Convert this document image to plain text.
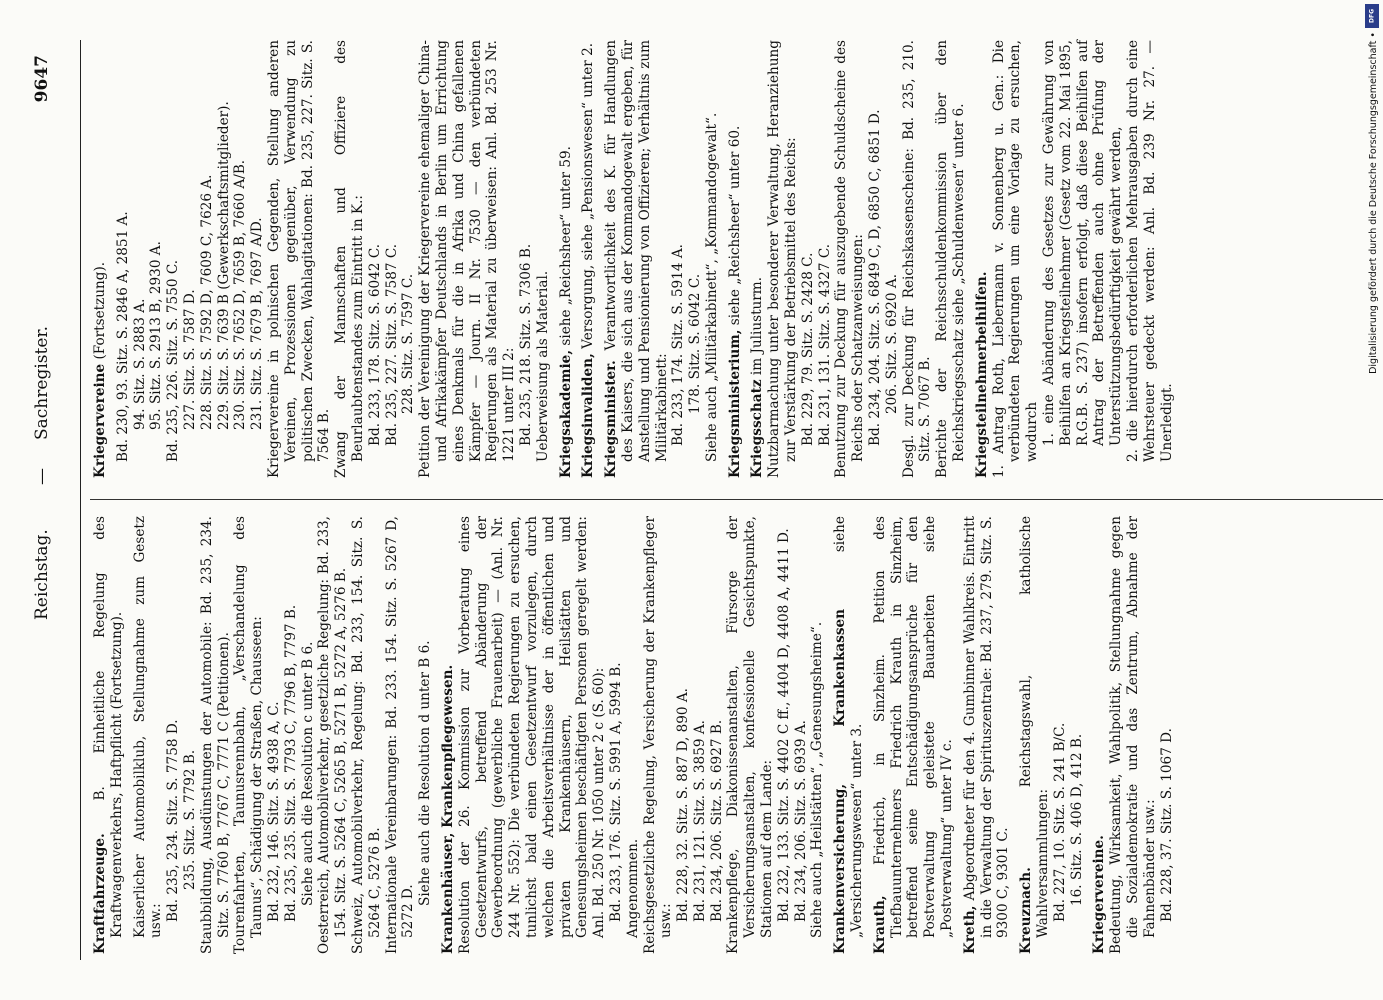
Reichstag.
—
Sachregister.
9647

Kraftfahrzeuge. B. Einheitliche Regelung des Kraftwagenverkehrs, Haftpflicht (Fortsetzung). Kaiserlicher Automobilklub, Stellungnahme zum Gesetz usw.: Bd. 235, 234. Sitz. S. 7758 D. 235. Sitz. S. 7792 B. Staubbildung, Ausdünstungen der Automobile: Bd. 235, 234. Sitz. S. 7760 B, 7767 C, 7771 C (Petitionen). Tourenfahrten, Taunusrennbahn, „Verschandelung des Taunus“, Schädigung der Straßen, Chausseen: Bd. 232, 146. Sitz. S. 4938 A, C. Bd. 235, 235. Sitz. S. 7793 C, 7796 B, 7797 B. Siehe auch die Resolution c unter B 6. Oesterreich, Automobilverkehr, gesetzliche Regelung: Bd. 233, 154. Sitz. S. 5264 C, 5265 B, 5271 B, 5272 A, 5276 B. Schweiz, Automobilverkehr, Regelung: Bd. 233, 154. Sitz. S. 5264 C, 5276 B. Internationale Vereinbarungen: Bd. 233. 154. Sitz. S. 5267 D, 5272 D.

Siehe auch die Resolution d unter B 6. Krankenhäuser, Krankenpflegewesen. Resolution der 26. Kommission zur Vorberatung eines Gesetzentwurfs, betreffend Abänderung der Gewerbeordnung (gewerbliche Frauenarbeit) — (Anl. Nr. 244 Nr. 552): Die verbündeten Regierungen zu ersuchen, tunlichst bald einen Gesetzentwurf vorzulegen, durch welchen die Arbeitsverhältnisse der in öffentlichen und privaten Krankenhäusern, Heilstätten und Genesungsheimen beschäftigten Personen geregelt werden: Anl. Bd. 250 Nr. 1050 unter 2 c (S. 60): Bd. 233, 176. Sitz. S. 5991 A, 5994 B. Angenommen. Reichsgesetzliche Regelung, Versicherung der Krankenpfleger usw.: Bd. 228, 32. Sitz. S. 887 D, 890 A. Bd. 231, 121. Sitz. S. 3859 A. Bd. 234, 206. Sitz. S. 6927 B. Krankenpflege, Diakonissenanstalten, Fürsorge der Versicherungsanstalten, konfessionelle Gesichtspunkte, Stationen auf dem Lande: Bd. 232, 133. Sitz. S. 4402 C ff., 4404 D, 4408 A, 4411 D. Bd. 234, 206. Sitz. S. 6939 A. Siehe auch „Heilstätten“, „Genesungsheime“. Krankenversicherung, Krankenkassen siehe „Versicherungswesen“ unter 3. Krauth, Friedrich, in Sinzheim. Petition des Tiefbauunternehmers Friedrich Krauth in Sinzheim, betreffend seine Entschädigungsansprüche für den Postverwaltung geleistete Bauarbeiten siehe „Postverwaltung“ unter IV c. Kreth, Abgeordneter für den 4. Gumbinner Wahlkreis. Eintritt in die Verwaltung der Spirituszentrale: Bd. 237, 279. Sitz. S. 9300 C, 9301 C. Kreuznach. Reichstagswahl, katholische Wahlversammlungen: Bd. 227, 10. Sitz. S. 241 B/C. 16. Sitz. S. 406 D, 412 B. Kriegervereine. Bedeutung, Wirksamkeit, Wahlpolitik, Stellungnahme gegen die Sozialdemokratie und das Zentrum, Abnahme der Fahnenbänder usw.: Bd. 228, 37. Sitz. S. 1067 D.

Kriegervereine (Fortsetzung). Bd. 230, 93. Sitz. S. 2846 A, 2851 A. 94. Sitz. S. 2883 A. 95. Sitz. S. 2913 B, 2930 A. Bd. 235, 226. Sitz. S. 7550 C. 227. Sitz. S. 7587 D. 228. Sitz. S. 7592 D, 7609 C, 7626 A. 229. Sitz. S. 7639 B (Gewerkschaftsmitglieder). 230. Sitz. S. 7652 D, 7659 B, 7660 A/B. 231. Sitz. S. 7679 B, 7697 A/D. Kriegervereine in polnischen Gegenden, Stellung anderen Vereinen, Prozessionen gegenüber, Verwendung zu politischen Zwecken, Wahlagitationen: Bd. 235, 227. Sitz. S. 7564 B. Zwang der Mannschaften und Offiziere des Beurlaubtenstandes zum Eintritt in K.: Bd. 233, 178. Sitz. S. 6042 C. Bd. 235, 227. Sitz. S. 7587 C. 228. Sitz. S. 7597 C. Petition der Vereinigung der Kriegervereine ehemaliger China- und Afrikakämpfer Deutschlands in Berlin um Errichtung eines Denkmals für die in Afrika und China gefallenen Kämpfer — Journ. II Nr. 7530 — den verbündeten Regierungen als Material zu überweisen: Anl. Bd. 253 Nr. 1221 unter III 2: Bd. 235, 218. Sitz. S. 7306 B. Ueberweisung als Material. Kriegsakademie, siehe „Reichsheer“ unter 59.

Kriegsinvaliden, Versorgung, siehe „Pensionswesen“ unter 2.

Kriegsminister. Verantwortlichkeit des K. für Handlungen des Kaisers, die sich aus der Kommandogewalt ergeben, für Anstellung und Pensionierung von Offizieren; Verhältnis zum Militärkabinett: Bd. 233, 174. Sitz. S. 5914 A. 178. Sitz. S. 6042 C. Siehe auch „Militärkabinett“, „Kommandogewalt“. Kriegsministerium, siehe „Reichsheer“ unter 60.

Kriegsschatz im Juliusturm. Nutzbarmachung unter besonderer Verwaltung, Heranziehung zur Verstärkung der Betriebsmittel des Reichs: Bd. 229, 79. Sitz. S. 2428 C. Bd. 231, 131. Sitz. S. 4327 C. Benutzung zur Deckung für auszugebende Schuldscheine des Reichs oder Schatzanweisungen: Bd. 234, 204. Sitz. S. 6849 C, D, 6850 C, 6851 D. 206. Sitz. S. 6920 A. Desgl. zur Deckung für Reichskassenscheine: Bd. 235, 210. Sitz. S. 7067 B. Berichte der Reichsschuldenkommission über den Reichskriegsschatz siehe „Schuldenwesen“ unter 6. Kriegsteilnehmerbeihilfen. 1. Antrag Roth, Liebermann v. Sonnenberg u. Gen.: Die verbündeten Regierungen um eine Vorlage zu ersuchen, wodurch 1. eine Abänderung des Gesetzes zur Gewährung von Beihilfen an Kriegsteilnehmer (Gesetz vom 22. Mai 1895, R.G.B. S. 237) insofern erfolgt, daß diese Beihilfen auf Antrag der Betreffenden auch ohne Prüfung der Unterstützungsbedürftigkeit gewährt werden, 2. die hierdurch erforderlichen Mehrausgaben durch eine Wehrsteuer gedeckt werden: Anl. Bd. 239 Nr. 27. — Unerledigt.

DFG
Digitalisierung gefördert durch die Deutsche Forschungsgemeinschaft •
